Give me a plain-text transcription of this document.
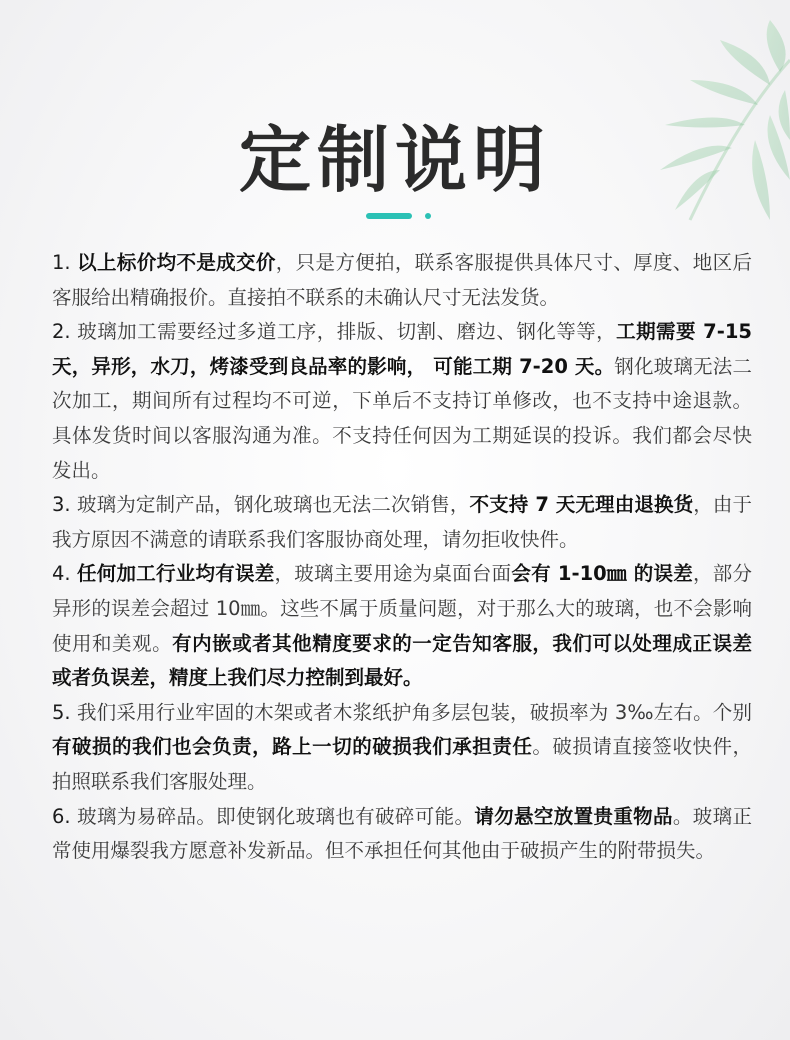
定制说明

1. 以上标价均不是成交价，只是方便拍，联系客服提供具体尺寸、厚度、地区后客服给出精确报价。直接拍不联系的未确认尺寸无法发货。

2. 玻璃加工需要经过多道工序，排版、切割、磨边、钢化等等，工期需要 7-15 天，异形，水刀，烤漆受到良品率的影响， 可能工期 7-20 天。钢化玻璃无法二次加工，期间所有过程均不可逆，下单后不支持订单修改，也不支持中途退款。具体发货时间以客服沟通为准。不支持任何因为工期延误的投诉。我们都会尽快发出。

3. 玻璃为定制产品，钢化玻璃也无法二次销售，不支持 7 天无理由退换货，由于我方原因不满意的请联系我们客服协商处理，请勿拒收快件。

4. 任何加工行业均有误差，玻璃主要用途为桌面台面会有 1-10㎜ 的误差，部分异形的误差会超过 10㎜。这些不属于质量问题，对于那么大的玻璃，也不会影响使用和美观。有内嵌或者其他精度要求的一定告知客服，我们可以处理成正误差或者负误差，精度上我们尽力控制到最好。

5. 我们采用行业牢固的木架或者木浆纸护角多层包装，破损率为 3‰左右。个别有破损的我们也会负责，路上一切的破损我们承担责任。破损请直接签收快件，拍照联系我们客服处理。

6. 玻璃为易碎品。即使钢化玻璃也有破碎可能。请勿悬空放置贵重物品。玻璃正常使用爆裂我方愿意补发新品。但不承担任何其他由于破损产生的附带损失。
